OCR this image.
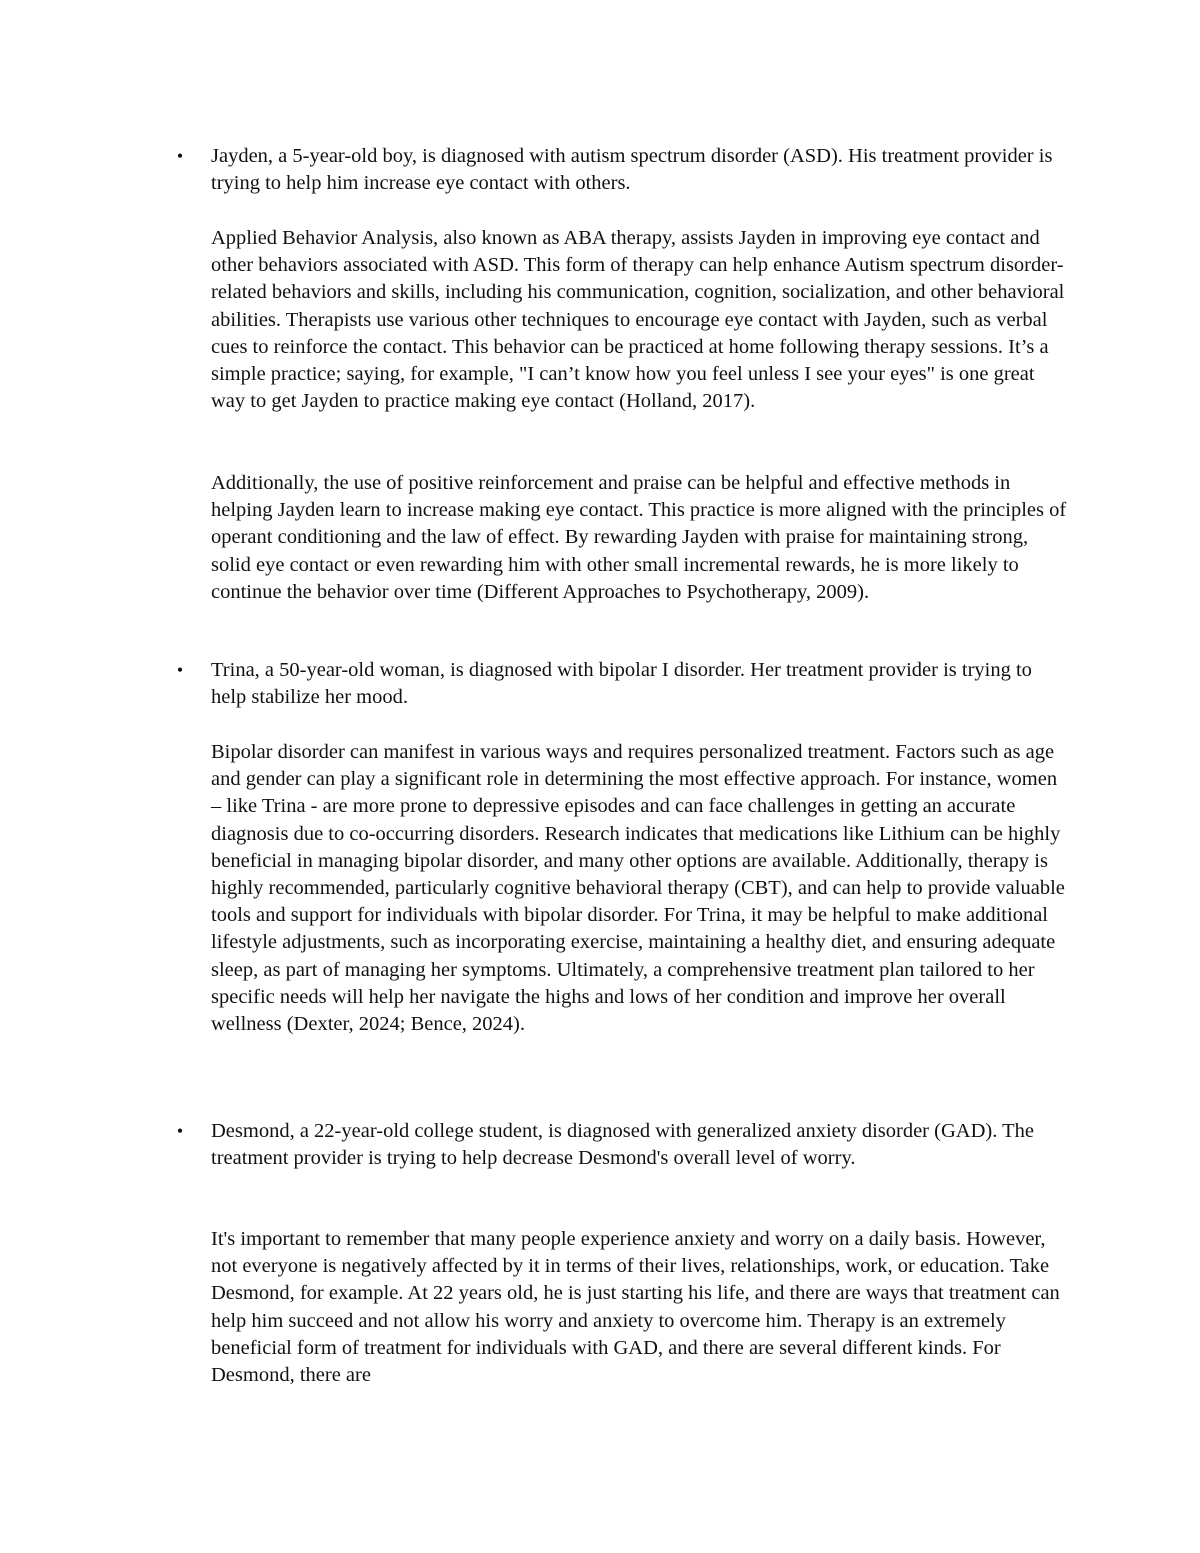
• Jayden, a 5-year-old boy, is diagnosed with autism spectrum disorder (ASD). His treatment provider is trying to help him increase eye contact with others.

Applied Behavior Analysis, also known as ABA therapy, assists Jayden in improving eye contact and other behaviors associated with ASD. This form of therapy can help enhance Autism spectrum disorder-related behaviors and skills, including his communication, cognition, socialization, and other behavioral abilities. Therapists use various other techniques to encourage eye contact with Jayden, such as verbal cues to reinforce the contact. This behavior can be practiced at home following therapy sessions. It’s a simple practice; saying, for example, "I can’t know how you feel unless I see your eyes" is one great way to get Jayden to practice making eye contact (Holland, 2017).

Additionally, the use of positive reinforcement and praise can be helpful and effective methods in helping Jayden learn to increase making eye contact. This practice is more aligned with the principles of operant conditioning and the law of effect. By rewarding Jayden with praise for maintaining strong, solid eye contact or even rewarding him with other small incremental rewards, he is more likely to continue the behavior over time (Different Approaches to Psychotherapy, 2009).

• Trina, a 50-year-old woman, is diagnosed with bipolar I disorder. Her treatment provider is trying to help stabilize her mood.

Bipolar disorder can manifest in various ways and requires personalized treatment. Factors such as age and gender can play a significant role in determining the most effective approach. For instance, women – like Trina - are more prone to depressive episodes and can face challenges in getting an accurate diagnosis due to co-occurring disorders. Research indicates that medications like Lithium can be highly beneficial in managing bipolar disorder, and many other options are available. Additionally, therapy is highly recommended, particularly cognitive behavioral therapy (CBT), and can help to provide valuable tools and support for individuals with bipolar disorder. For Trina, it may be helpful to make additional lifestyle adjustments, such as incorporating exercise, maintaining a healthy diet, and ensuring adequate sleep, as part of managing her symptoms. Ultimately, a comprehensive treatment plan tailored to her specific needs will help her navigate the highs and lows of her condition and improve her overall wellness (Dexter, 2024; Bence, 2024).

• Desmond, a 22-year-old college student, is diagnosed with generalized anxiety disorder (GAD). The treatment provider is trying to help decrease Desmond's overall level of worry.

It's important to remember that many people experience anxiety and worry on a daily basis. However, not everyone is negatively affected by it in terms of their lives, relationships, work, or education. Take Desmond, for example. At 22 years old, he is just starting his life, and there are ways that treatment can help him succeed and not allow his worry and anxiety to overcome him. Therapy is an extremely beneficial form of treatment for individuals with GAD, and there are several different kinds. For Desmond, there are
